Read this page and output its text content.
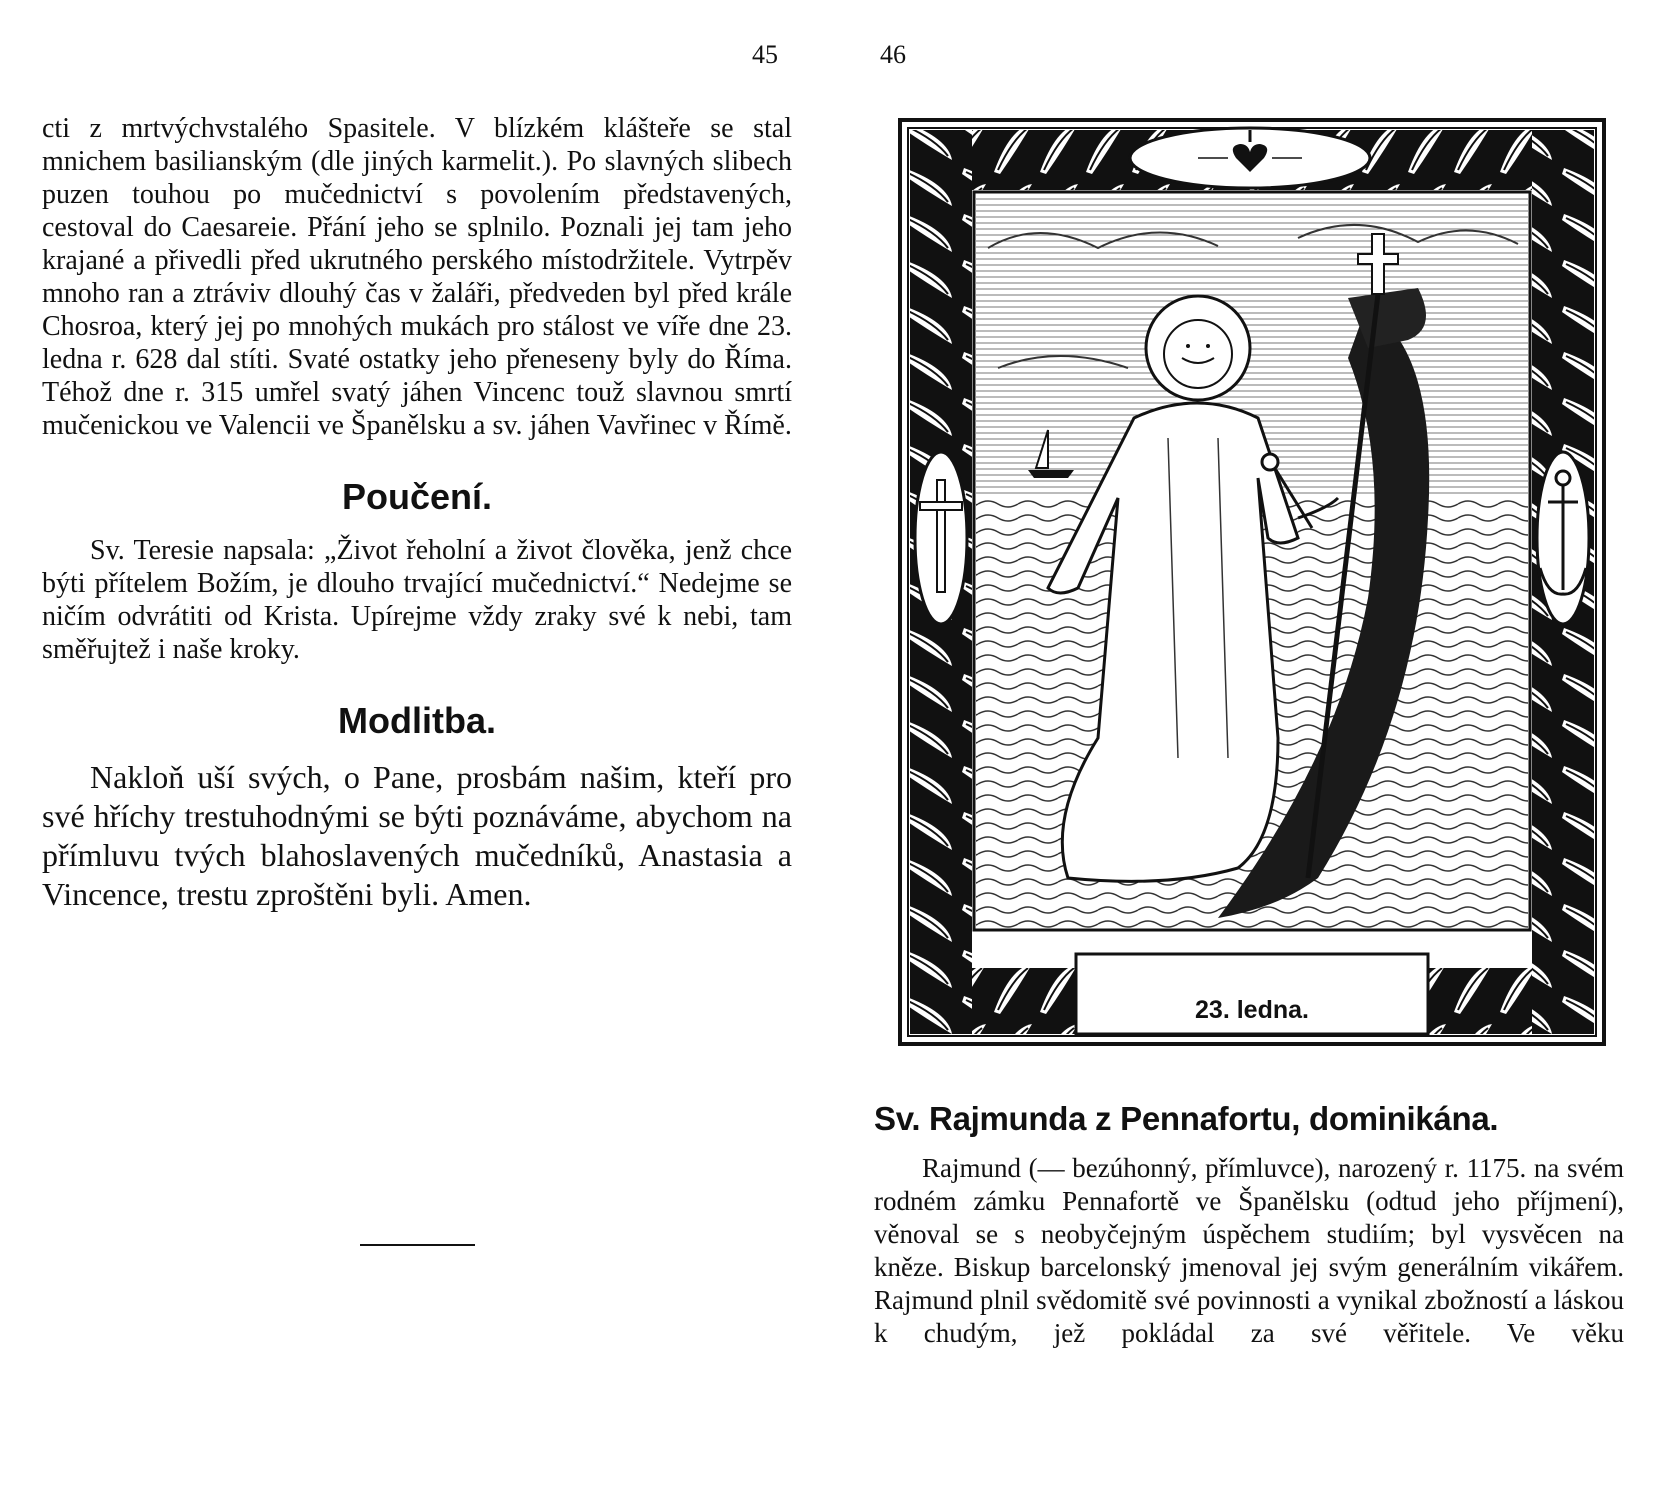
45	46

cti z mrtvýchvstalého Spasitele. V blízkém klášteře se stal mnichem basilianským (dle jiných karmelit.). Po slavných slibech puzen touhou po mučednictví s povolením představených, cestoval do Caesareie. Přání jeho se splnilo. Poznali jej tam jeho krajané a přivedli před ukrutného perského místodržitele. Vytrpěv mnoho ran a ztráviv dlouhý čas v žaláři, předveden byl před krále Chosroa, který jej po mnohých mukách pro stálost ve víře dne 23. ledna r. 628 dal stíti. Svaté ostatky jeho přeneseny byly do Říma. Téhož dne r. 315 umřel svatý jáhen Vincenc touž slavnou smrtí mučenickou ve Valencii ve Španělsku a sv. jáhen Vavřinec v Římě.

Poučení.

Sv. Teresie napsala: „Život řeholní a život člověka, jenž chce býti přítelem Božím, je dlouho trvající mučednictví.“ Nedejme se ničím odvrátiti od Krista. Upírejme vždy zraky své k nebi, tam směřujtež i naše kroky.

Modlitba.

Nakloň uší svých, o Pane, prosbám našim, kteří pro své hříchy trestuhodnými se býti poznáváme, abychom na přímluvu tvých blahoslavených mučedníků, Anastasia a Vincence, trestu zproštěni byli. Amen.

23. ledna.
Sv. Rajmunda z Pennafortu, dominikána.

Rajmund (— bezúhonný, přímluvce), narozený r. 1175. na svém rodném zámku Pennafortě ve Španělsku (odtud jeho příjmení), věnoval se s neobyčejným úspěchem studiím; byl vysvěcen na kněze. Biskup barcelonský jmenoval jej svým generálním vikářem. Rajmund plnil svědomitě své povinnosti a vynikal zbožností a láskou k chudým, jež pokládal za své věřitele. Ve věku
